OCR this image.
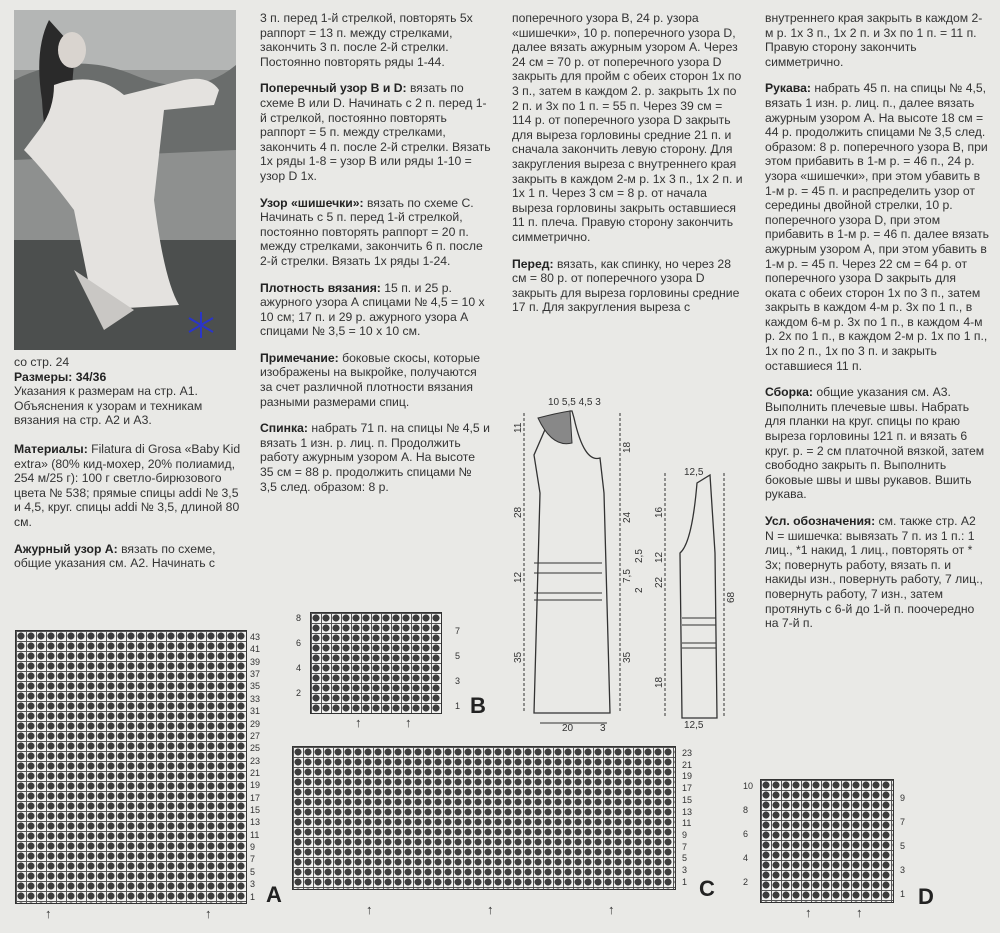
со стр. 24
Размеры: 34/36
Указания к размерам на стр. А1. Объяснения к узорам и техникам вязания на стр. А2 и А3.

Материалы: Filatura di Grosa «Baby Kid extra» (80% кид-мохер, 20% полиамид, 254 м/25 г): 100 г светло-бирюзового цвета № 538; прямые спицы addi № 3,5 и 4,5, круг. спицы addi № 3,5, длиной 80 см.

Ажурный узор А: вязать по схеме, общие указания см. А2. Начинать с

3 п. перед 1-й стрелкой, повторять 5х раппорт = 13 п. между стрелками, закончить 3 п. после 2-й стрелки. Постоянно повторять ряды 1-44.

Поперечный узор B и D: вязать по схеме B или D. Начинать с 2 п. перед 1-й стрелкой, постоянно повторять раппорт = 5 п. между стрелками, закончить 4 п. после 2-й стрелки. Вязать 1х ряды 1-8 = узор B или ряды 1-10 = узор D 1х.

Узор «шишечки»: вязать по схеме C. Начинать с 5 п. перед 1-й стрелкой, постоянно повторять раппорт = 20 п. между стрелками, закончить 6 п. после 2-й стрелки. Вязать 1х ряды 1-24.

Плотность вязания: 15 п. и 25 р. ажурного узора А спицами № 4,5 = 10 х 10 см; 17 п. и 29 р. ажурного узора А спицами № 3,5 = 10 х 10 см.

Примечание: боковые скосы, которые изображены на выкройке, получаются за счет различной плотности вязания разными размерами спиц.

Спинка: набрать 71 п. на спицы № 4,5 и вязать 1 изн. р. лиц. п. Продолжить работу ажурным узором А. На высоте 35 см = 88 р. продолжить спицами № 3,5 след. образом: 8 р.

поперечного узора B, 24 р. узора «шишечки», 10 р. поперечного узора D, далее вязать ажурным узором А. Через 24 см = 70 р. от поперечного узора D закрыть для пройм с обеих сторон 1х по 3 п., затем в каждом 2. р. закрыть 1х по 2 п. и 3х по 1 п. = 55 п. Через 39 см = 114 р. от поперечного узора D закрыть для выреза горловины средние 21 п. и сначала закончить левую сторону. Для закругления выреза с внутреннего края закрыть в каждом 2-м р. 1х 3 п., 1х 2 п. и 1х 1 п. Через 3 см = 8 р. от начала выреза горловины закрыть оставшиеся 11 п. плеча. Правую сторону закончить симметрично.

Перед: вязать, как спинку, но через 28 см = 80 р. от поперечного узора D закрыть для выреза горловины средние 17 п. Для закругления выреза с

внутреннего края закрыть в каждом 2-м р. 1х 3 п., 1х 2 п. и 3х по 1 п. = 11 п. Правую сторону закончить симметрично.

Рукава: набрать 45 п. на спицы № 4,5, вязать 1 изн. р. лиц. п., далее вязать ажурным узором А. На высоте 18 см = 44 р. продолжить спицами № 3,5 след. образом: 8 р. поперечного узора B, при этом прибавить в 1-м р. = 46 п., 24 р. узора «шишечки», при этом убавить в 1-м р. = 45 п. и распределить узор от середины двойной стрелки, 10 р. поперечного узора D, при этом прибавить в 1-м р. = 46 п. далее вязать ажурным узором А, при этом убавить в 1-м р. = 45 п. Через 22 см = 64 р. от поперечного узора D закрыть для оката с обеих сторон 1х по 3 п., затем закрыть в каждом 4-м р. 3х по 1 п., в каждом 6-м р. 3х по 1 п., в каждом 4-м р. 2х по 1 п., в каждом 2-м р. 1х по 1 п., 1х по 2 п., 1х по 3 п. и закрыть оставшиеся 11 п.

Сборка: общие указания см. А3. Выполнить плечевые швы. Набрать для планки на круг. спицы по краю выреза горловины 121 п. и вязать 6 круг. р. = 2 см платочной вязкой, затем свободно закрыть п. Выполнить боковые швы и швы рукавов. Вшить рукава.

Усл. обозначения: см. также стр. А2
N = шишечка: вывязать 7 п. из 1 п.: 1 лиц., *1 накид, 1 лиц., повторять от * 3х; повернуть работу, вязать п. и накиды изн., повернуть работу, 7 лиц., повернуть работу, 7 изн., затем протянуть с 6-й до 1-й п. поочередно на 7-й п.

11
28
12
35
18
24
7,5
2,5
2
35
10 5,5 4,5 3
20	3
12,5
16
12
22
68
18
12,5
43
41
39
37
35
33
31
29
27
25
23
21
19
17
15
13
11
9
7
5
3
1 A
↑	↑
8
6
4
2
7
5
3
1 B
↑	↑
23
21
19
17
15
13
11
9
7
5
3
1 C
↑	↑	↑
10
8
6
4
2
9
7
5
3
1 D
↑	↑
